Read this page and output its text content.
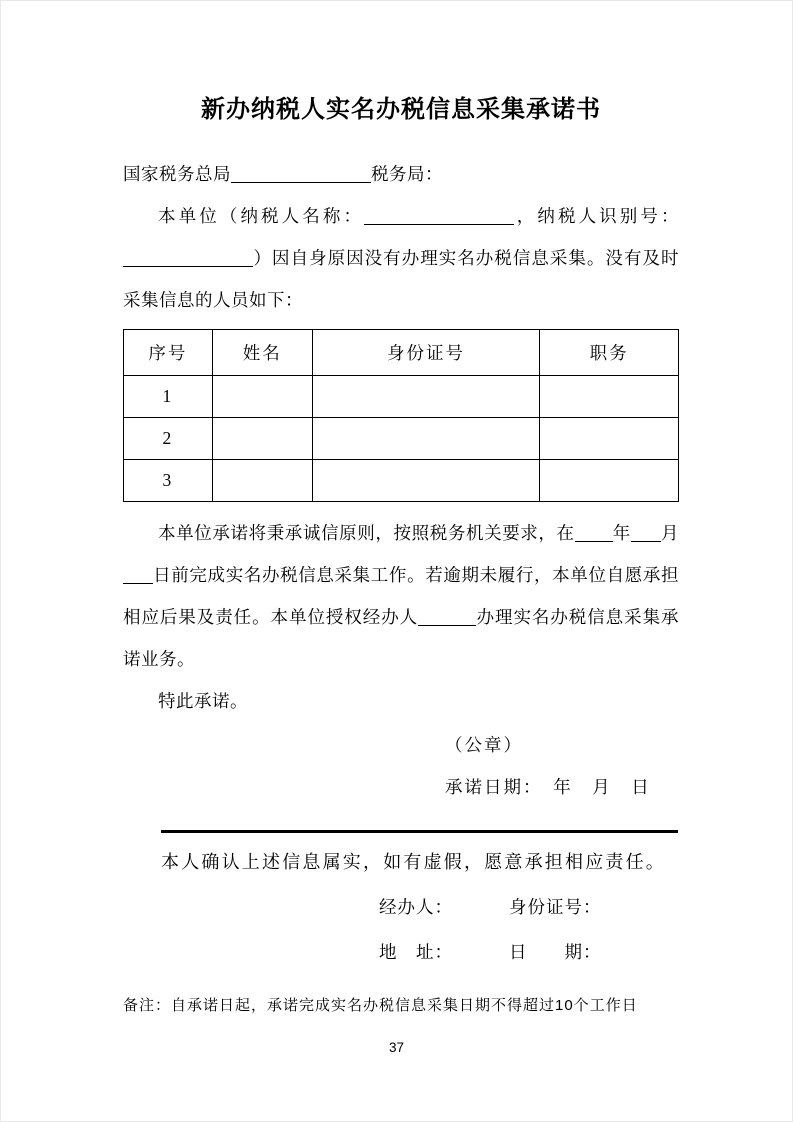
新办纳税人实名办税信息采集承诺书

国家税务总局	税务局：

本单位（纳税人名称：	，纳税人识别号：）因自身原因没有办理实名办税信息采集。没有及时采集信息的人员如下：

序号	姓名	身份证号	职务
1			
2			
3			

本单位承诺将秉承诚信原则，按照税务机关要求，在 年 月日前完成实名办税信息采集工作。若逾期未履行，本单位自愿承担相应后果及责任。本单位授权经办人	办理实名办税信息采集承诺业务。

特此承诺。

（公章）

承诺日期：　年　月　日

本人确认上述信息属实，如有虚假，愿意承担相应责任。

经办人：	身份证号：
地　址：	日　　期：

备注：自承诺日起，承诺完成实名办税信息采集日期不得超过10个工作日

37
